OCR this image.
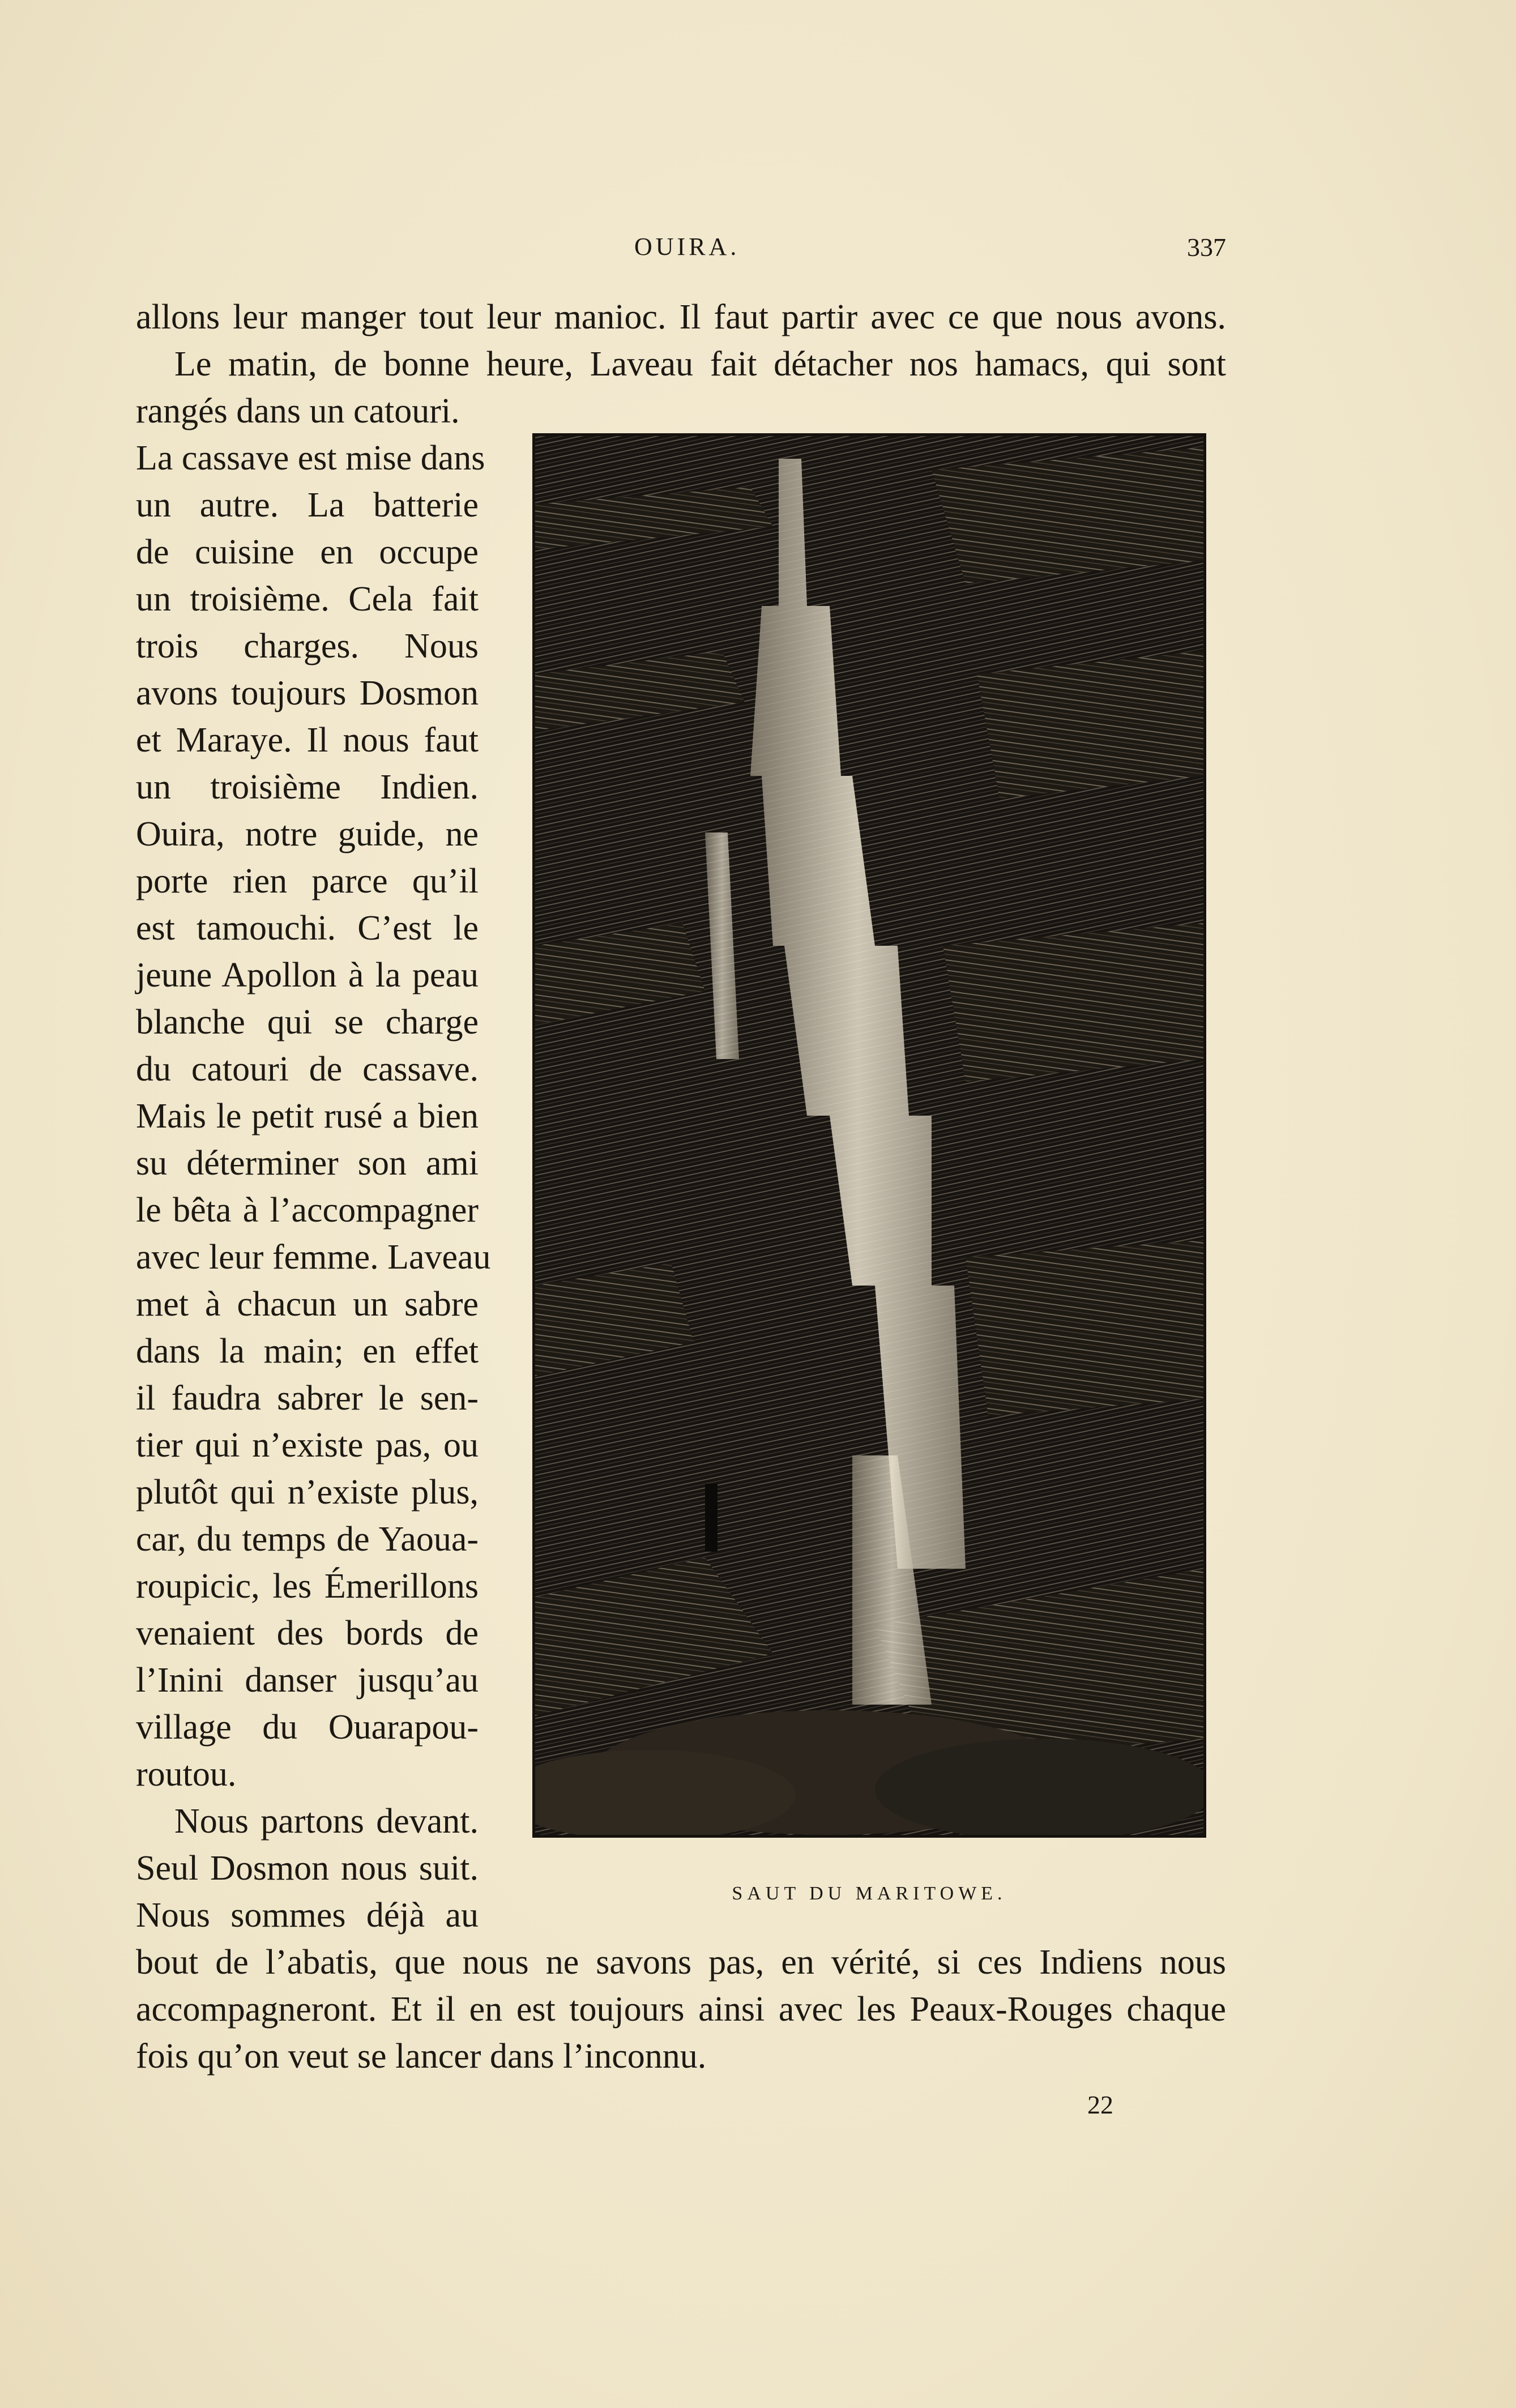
OUIRA.	337
allons leur manger tout leur manioc. Il faut partir avec ce que nous avons.
Le matin, de bonne heure, Laveau fait détacher nos hamacs, qui sont
rangés dans un catouri.
La cassave est mise dans
un autre. La batterie
de cuisine en occupe
un troisième. Cela fait
trois charges. Nous
avons toujours Dosmon
et Maraye. Il nous faut
un troisième Indien.
Ouira, notre guide, ne
porte rien parce qu’il
est tamouchi. C’est le
jeune Apollon à la peau
blanche qui se charge
du catouri de cassave.
Mais le petit rusé a bien
su déterminer son ami
le bêta à l’accompagner
avec leur femme. Laveau
met à chacun un sabre
dans la main; en effet
il faudra sabrer le sen-
tier qui n’existe pas, ou
plutôt qui n’existe plus,
car, du temps de Yaoua-
roupicic, les Émerillons
venaient des bords de
l’Inini danser jusqu’au
village du Ouarapou-
routou.
Nous partons devant.
Seul Dosmon nous suit.
Nous sommes déjà au
bout de l’abatis, que nous ne savons pas, en vérité, si ces Indiens nous
accompagneront. Et il en est toujours ainsi avec les Peaux-Rouges chaque
fois qu’on veut se lancer dans l’inconnu.
SAUT DU MARITOWE.
22
